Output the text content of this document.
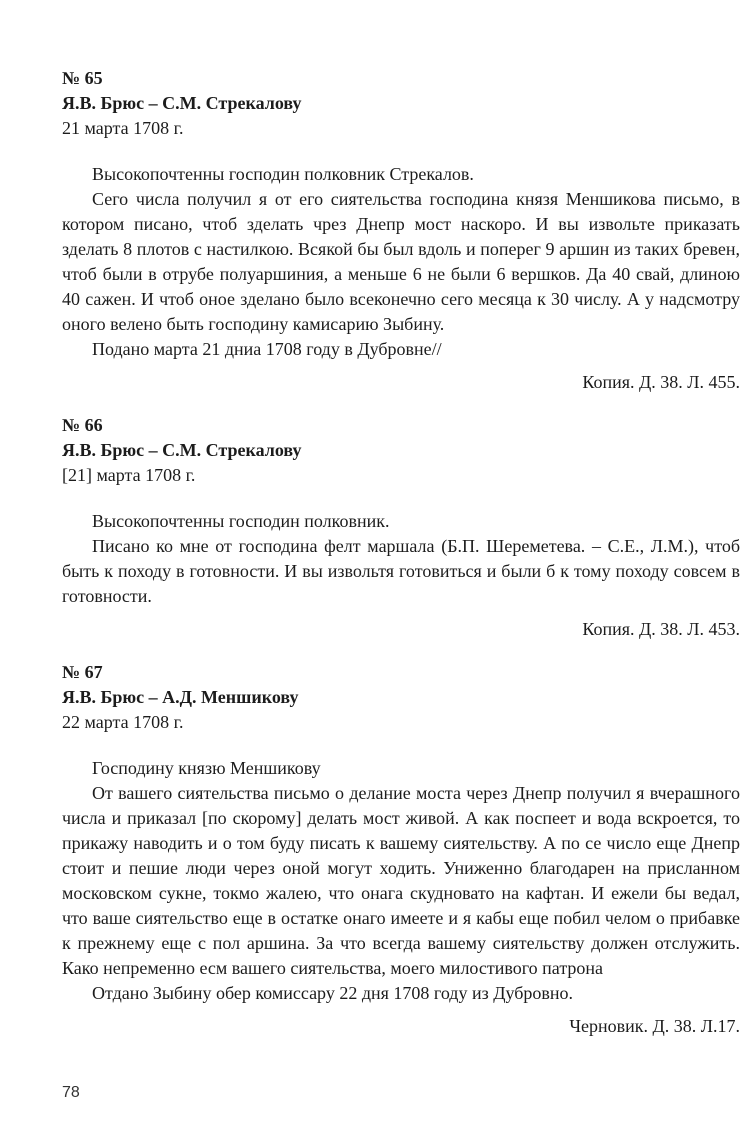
№ 65
Я.В. Брюс – С.М. Стрекалову
21 марта 1708 г.

Высокопочтенны господин полковник Стрекалов.

Сего числа получил я от его сиятельства господина князя Меншикова письмо, в котором писано, чтоб зделать чрез Днепр мост наскоро. И вы извольте приказать зделать 8 плотов с настилкою. Всякой бы был вдоль и поперег 9 аршин из таких бревен, чтоб были в отрубе полуаршиния, а меньше 6 не были 6 вершков. Да 40 свай, длиною 40 сажен. И чтоб оное зделано было всеконечно сего месяца к 30 числу. А у надсмотру оного велено быть господину камисарию Зыбину.

Подано марта 21 дниа 1708 году в Дубровне//

Копия. Д. 38. Л. 455.
№ 66
Я.В. Брюс – С.М. Стрекалову
[21] марта 1708 г.

Высокопочтенны господин полковник.

Писано ко мне от господина фелт маршала (Б.П. Шереметева. – С.Е., Л.М.), чтоб быть к походу в готовности. И вы извольтя готовиться и были б к тому походу совсем в готовности.

Копия. Д. 38. Л. 453.
№ 67
Я.В. Брюс – А.Д. Меншикову
22 марта 1708 г.

Господину князю Меншикову

От вашего сиятельства письмо о делание моста через Днепр получил я вчерашного числа и приказал [по скорому] делать мост живой. А как поспеет и вода вскроется, то прикажу наводить и о том буду писать к вашему сиятельству. А по се число еще Днепр стоит и пешие люди через оной могут ходить. Униженно благодарен на присланном московском сукне, токмо жалею, что онага скудновато на кафтан. И ежели бы ведал, что ваше сиятельство еще в остатке онаго имеете и я кабы еще побил челом о прибавке к прежнему еще с пол аршина. За что всегда вашему сиятельству должен отслужить. Како непременно есм вашего сиятельства, моего милостивого патрона

Отдано Зыбину обер комиссару 22 дня 1708 году из Дубровно.

Черновик. Д. 38. Л.17.
78
